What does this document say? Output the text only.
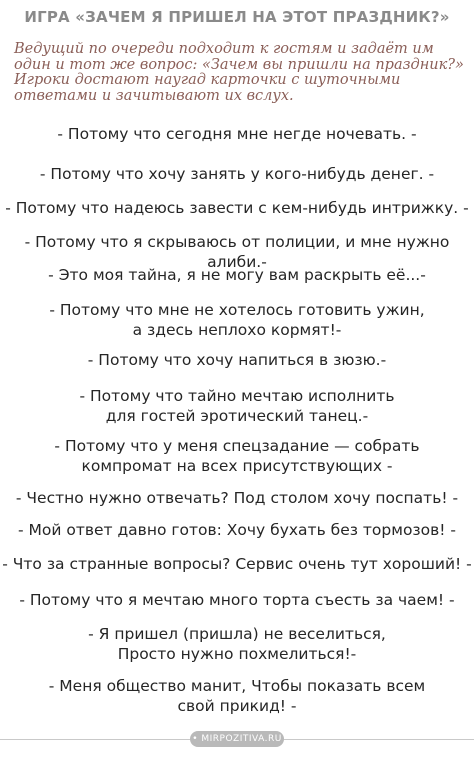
ИГРА «ЗАЧЕМ Я ПРИШЕЛ НА ЭТОТ ПРАЗДНИК?»
Ведущий по очереди подходит к гостям и задаёт им один и тот же вопрос: «Зачем вы пришли на праздник?» Игроки достают наугад карточки с шуточными ответами и зачитывают их вслух.
- Потому что сегодня мне негде ночевать. -
- Потому что хочу занять у кого-нибудь денег. -
- Потому что надеюсь завести с кем-нибудь интрижку. -
- Потому что я скрываюсь от полиции, и мне нужно алиби.-
- Это моя тайна, я не могу вам раскрыть её...-
- Потому что мне не хотелось готовить ужин,
а здесь неплохо кормят!-
- Потому что хочу напиться в зюзю.-
- Потому что тайно мечтаю исполнить
для гостей эротический танец.-
- Потому что у меня спецзадание — собрать
компромат на всех присутствующих -
- Честно нужно отвечать? Под столом хочу поспать! -
- Мой ответ давно готов: Хочу бухать без тормозов! -
- Что за странные вопросы? Сервис очень тут хороший! -
- Потому что я мечтаю много торта съесть за чаем! -
- Я пришел (пришла) не веселиться,
Просто нужно похмелиться!-
- Меня общество манит, Чтобы показать всем
свой прикид! -
• MIRPOZITIVA.RU •
